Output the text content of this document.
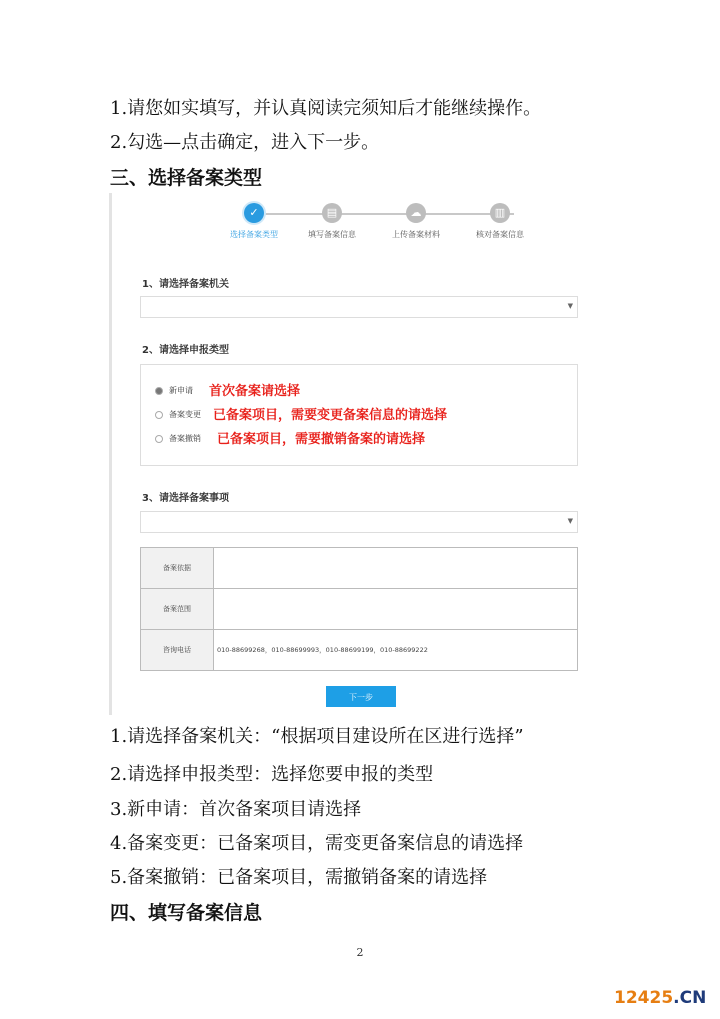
1.请您如实填写，并认真阅读完须知后才能继续操作。
2.勾选—点击确定，进入下一步。
三、选择备案类型
✓
选择备案类型
▤
填写备案信息
☁
上传备案材料
▥
核对备案信息
1、请选择备案机关
▼
2、请选择申报类型
新申请 首次备案请选择
备案变更 已备案项目，需要变更备案信息的请选择
备案撤销 已备案项目，需要撤销备案的请选择
3、请选择备案事项
▼
备案依据
备案范围
咨询电话	010-88699268，010-88699993，010-88699199，010-88699222
下一步
1.请选择备案机关：“根据项目建设所在区进行选择”
2.请选择申报类型：选择您要申报的类型
3.新申请：首次备案项目请选择
4.备案变更：已备案项目，需变更备案信息的请选择
5.备案撤销：已备案项目，需撤销备案的请选择
四、填写备案信息
2
12425.CN
